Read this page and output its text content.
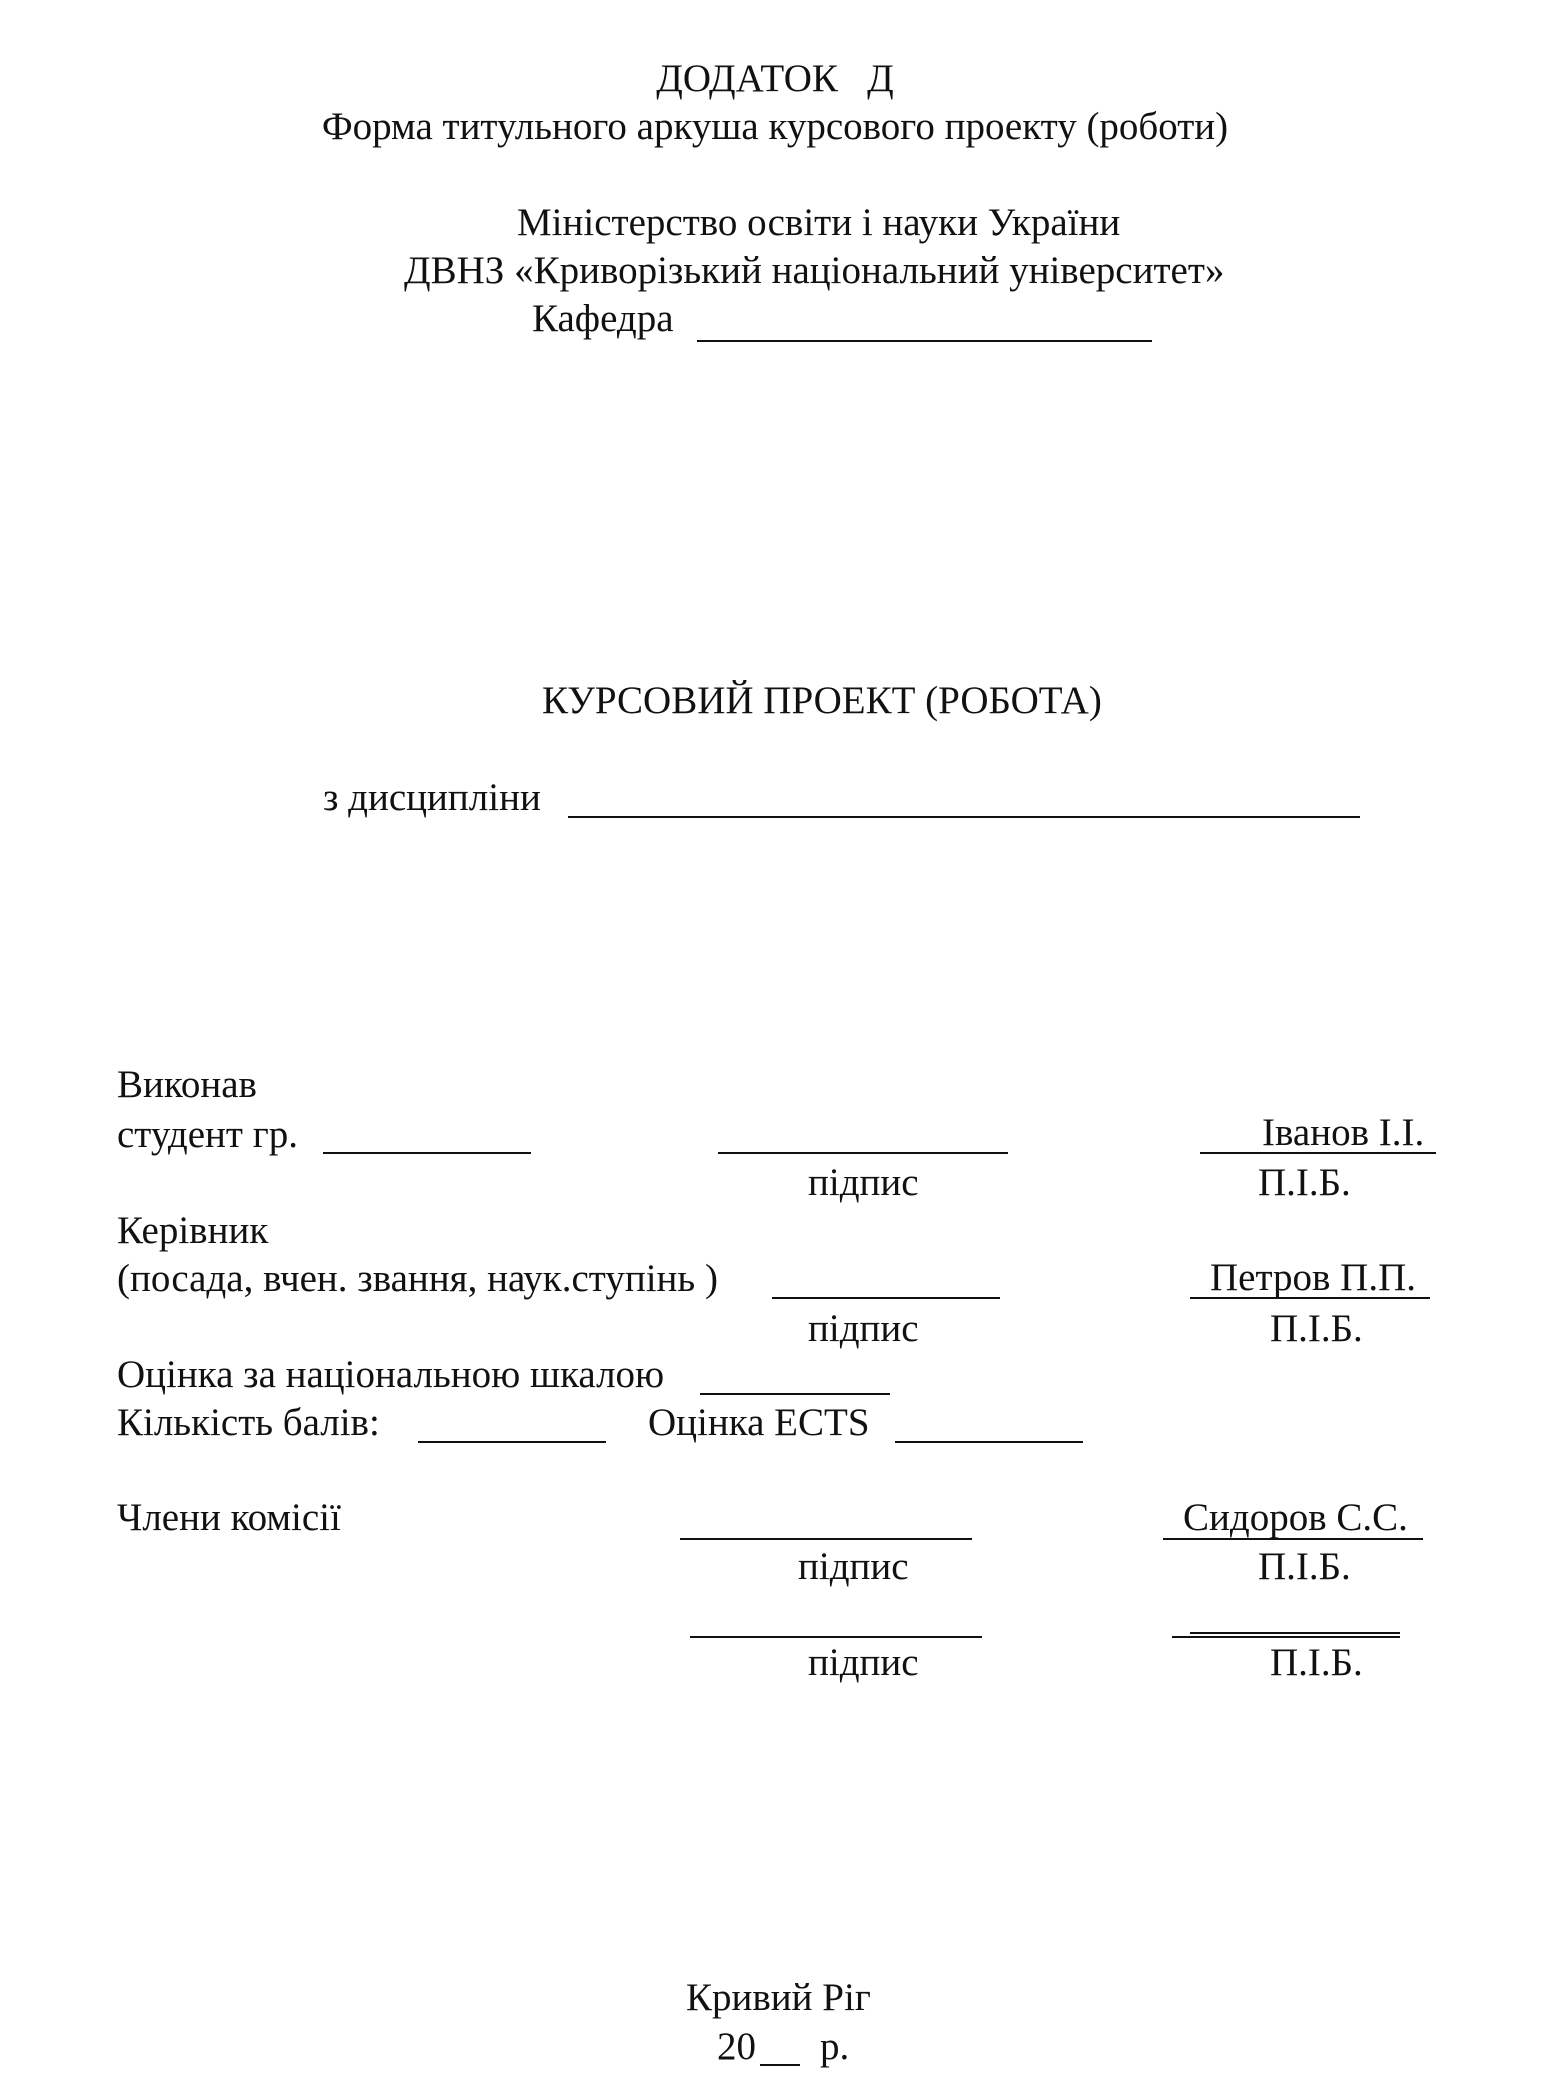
ДОДАТОК   Д
Форма титульного аркуша курсового проекту (роботи)
Міністерство освіти і науки України
ДВНЗ «Криворізький національний університет»
Кафедра
КУРСОВИЙ ПРОЕКТ (РОБОТА)
з дисципліни
Виконав
студент гр.	Іванов І.І.
підпис	П.І.Б.
Керівник
(посада, вчен. звання, наук.ступінь )	Петров П.П.
підпис	П.І.Б.
Оцінка за національною шкалою
Кількість балів:	Оцінка ECTS
Члени комісії	Сидоров С.С.
підпис	П.І.Б.
підпис	П.І.Б.
Кривий Ріг
20 р.
